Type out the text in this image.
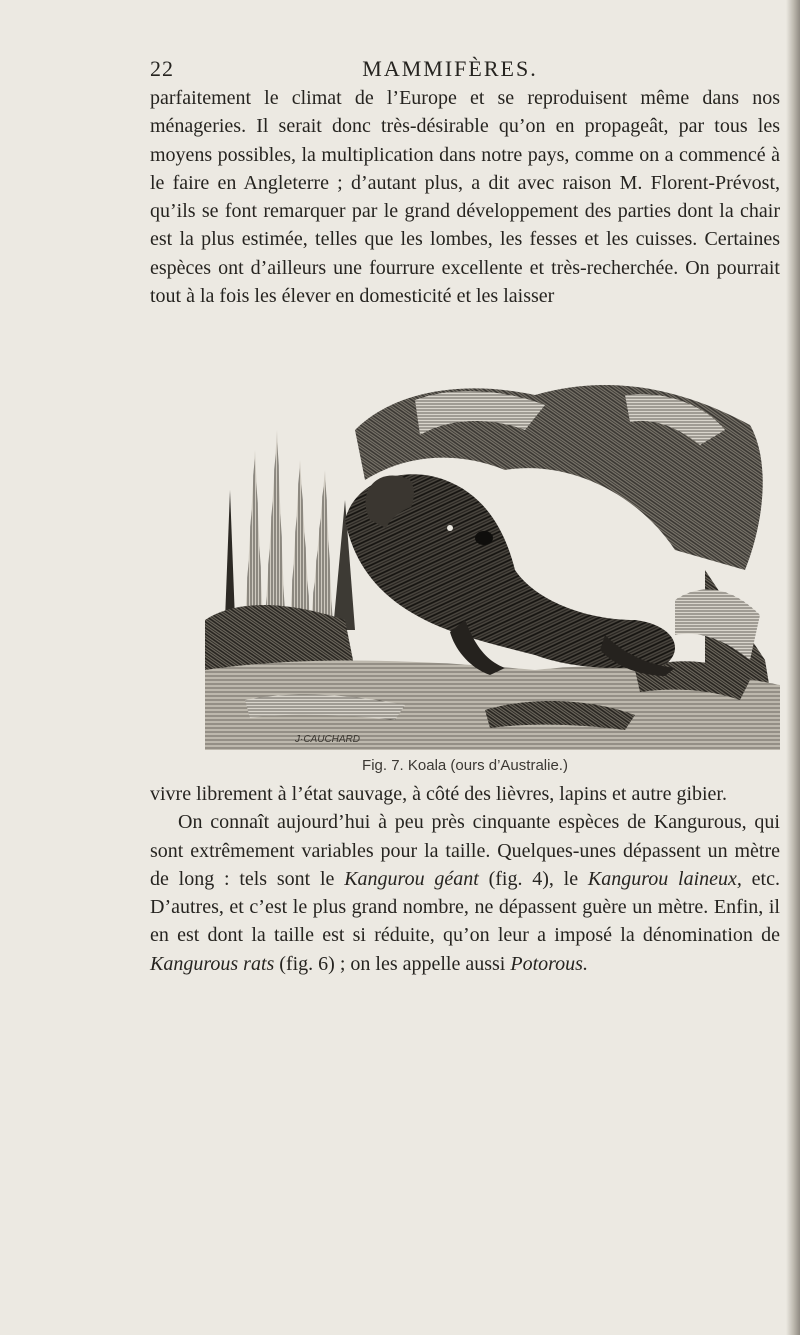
22	MAMMIFÈRES.

parfaitement le climat de l’Europe et se reproduisent même dans nos ménageries. Il serait donc très-désirable qu’on en propageât, par tous les moyens possibles, la multiplication dans notre pays, comme on a commencé à le faire en Angleterre ; d’autant plus, a dit avec raison M. Florent-Prévost, qu’ils se font remarquer par le grand développement des parties dont la chair est la plus estimée, telles que les lombes, les fesses et les cuisses. Certaines espèces ont d’ailleurs une fourrure excellente et très-recherchée. On pourrait tout à la fois les élever en domesticité et les laisser

J·CAUCHARD
Fig. 7. Koala (ours d’Australie.)

vivre librement à l’état sauvage, à côté des lièvres, lapins et autre gibier.

On connaît aujourd’hui à peu près cinquante espèces de Kangurous, qui sont extrêmement variables pour la taille. Quelques-unes dépassent un mètre de long : tels sont le Kangurou géant (fig. 4), le Kangurou laineux, etc. D’autres, et c’est le plus grand nombre, ne dépassent guère un mètre. Enfin, il en est dont la taille est si réduite, qu’on leur a imposé la dénomination de Kangurous rats (fig. 6) ; on les appelle aussi Potorous.
